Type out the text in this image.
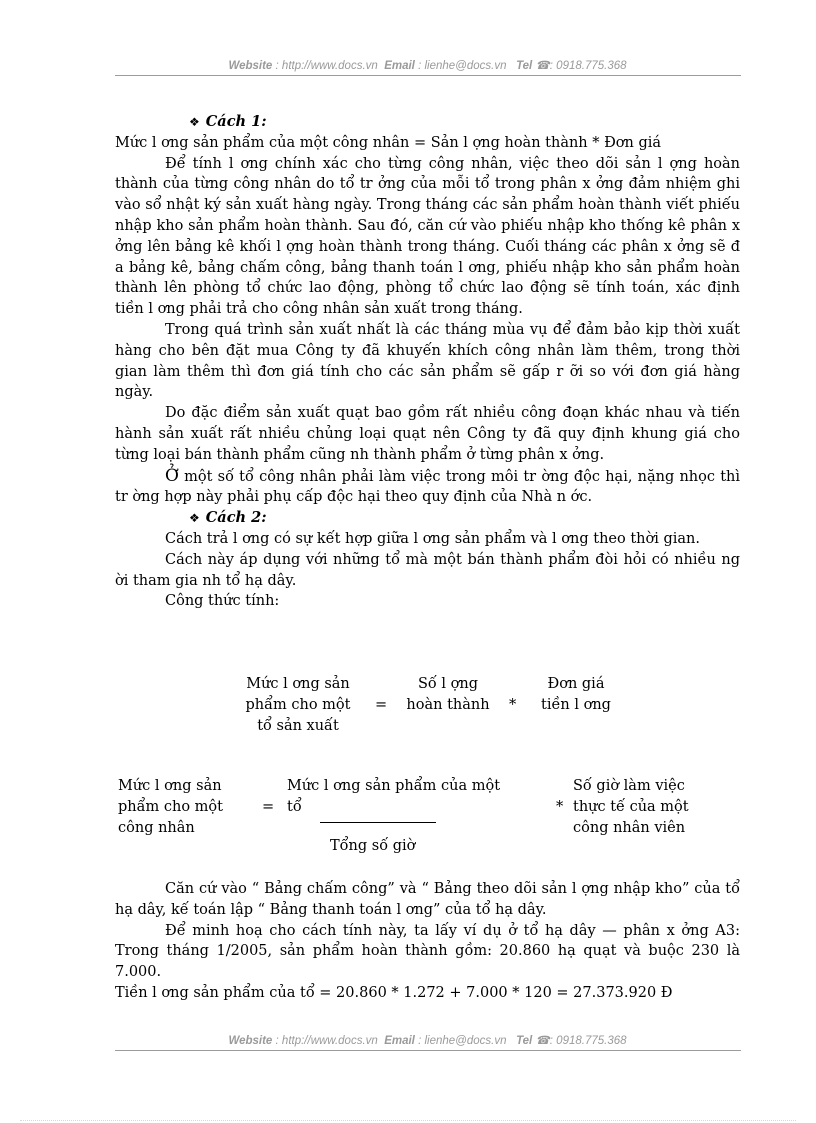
Website : http://www.docs.vn Email : lienhe@docs.vn Tel ☎: 0918.775.368

❖ Cách 1:

Mức l ơng sản phẩm của một công nhân = Sản l ợng hoàn thành * Đơn giá

Để tính l ơng chính xác cho từng công nhân, việc theo dõi sản l ợng hoàn thành của từng công nhân do tổ tr ởng của mỗi tổ trong phân x ởng đảm nhiệm ghi vào sổ nhật ký sản xuất hàng ngày. Trong tháng các sản phẩm hoàn thành viết phiếu nhập kho sản phẩm hoàn thành. Sau đó, căn cứ vào phiếu nhập kho thống kê phân x ởng lên bảng kê khối l ợng hoàn thành trong tháng. Cuối tháng các phân x ởng sẽ đ a bảng kê, bảng chấm công, bảng thanh toán l ơng, phiếu nhập kho sản phẩm hoàn thành lên phòng tổ chức lao động, phòng tổ chức lao động sẽ tính toán, xác định tiền l ơng phải trả cho công nhân sản xuất trong tháng.

Trong quá trình sản xuất nhất là các tháng mùa vụ để đảm bảo kịp thời xuất hàng cho bên đặt mua Công ty đã khuyến khích công nhân làm thêm, trong thời gian làm thêm thì đơn giá tính cho các sản phẩm sẽ gấp r ỡi so với đơn giá hàng ngày.

Do đặc điểm sản xuất quạt bao gồm rất nhiều công đoạn khác nhau và tiến hành sản xuất rất nhiều chủng loại quạt nên Công ty đã quy định khung giá cho từng loại bán thành phẩm cũng nh thành phẩm ở từng phân x ởng.

Ở một số tổ công nhân phải làm việc trong môi tr ờng độc hại, nặng nhọc thì tr ờng hợp này phải phụ cấp độc hại theo quy định của Nhà n ớc.

❖ Cách 2:

Cách trả l ơng có sự kết hợp giữa l ơng sản phẩm và l ơng theo thời gian.

Cách này áp dụng với những tổ mà một bán thành phẩm đòi hỏi có nhiều ng ời tham gia nh tổ hạ dây.

Công thức tính:

Mức l ơng sản
phẩm cho một
tổ sản xuất
=
Số l ợng
hoàn thành	*
Đơn giá
tiền l ơng
Mức l ơng sản
phẩm cho một
công nhân
=
Mức l ơng sản phẩm của một
tổ
Tổng số giờ
*
Số giờ làm việc
thực tế của một
công nhân viên

Căn cứ vào “ Bảng chấm công” và “ Bảng theo dõi sản l ợng nhập kho” của tổ hạ dây, kế toán lập “ Bảng thanh toán l ơng” của tổ hạ dây.

Để minh hoạ cho cách tính này, ta lấy ví dụ ở tổ hạ dây — phân x ởng A3: Trong tháng 1/2005, sản phẩm hoàn thành gồm: 20.860 hạ quạt và buộc 230 là 7.000.

Tiền l ơng sản phẩm của tổ = 20.860 * 1.272 + 7.000 * 120 = 27.373.920 Đ

Website : http://www.docs.vn Email : lienhe@docs.vn Tel ☎: 0918.775.368
